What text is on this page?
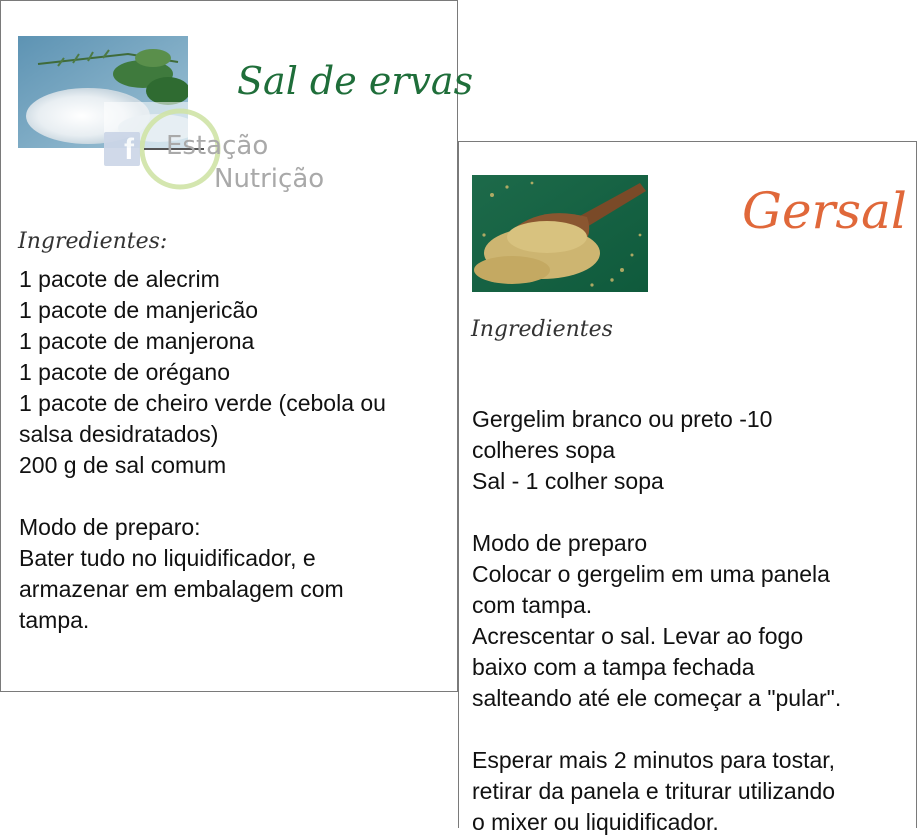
Sal de ervas
f Estação
Nutrição
Ingredientes:
1 pacote de alecrim
1 pacote de manjericão
1 pacote de manjerona
1 pacote de orégano
1 pacote de cheiro verde (cebola ou
salsa desidratados)
200 g de sal comum
Modo de preparo:
Bater tudo no liquidificador, e
armazenar em embalagem com
tampa.
Gersal
Ingredientes
Gergelim branco ou preto -10
colheres sopa
Sal - 1 colher sopa
Modo de preparo
Colocar o gergelim em uma panela
com tampa.
Acrescentar o sal. Levar ao fogo
baixo com a tampa fechada
salteando até ele começar a "pular".
Esperar mais 2 minutos para tostar,
retirar da panela e triturar utilizando
o mixer ou liquidificador.
